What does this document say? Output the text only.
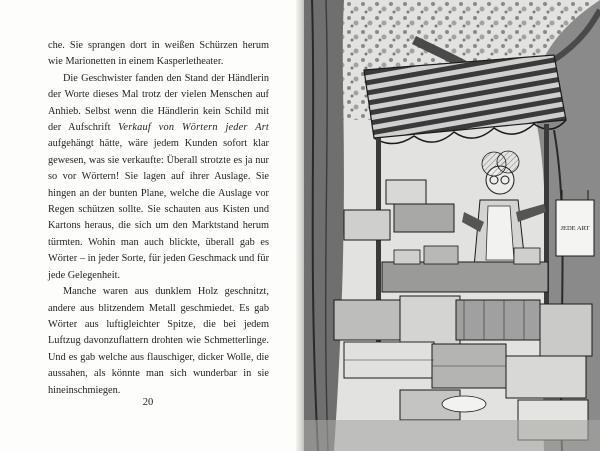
che. Sie sprangen dort in weißen Schürzen herum wie Marionetten in einem Kasperletheater.

Die Geschwister fanden den Stand der Händlerin der Worte dieses Mal trotz der vielen Menschen auf Anhieb. Selbst wenn die Händlerin kein Schild mit der Aufschrift Verkauf von Wörtern jeder Art aufgehängt hätte, wäre jedem Kunden sofort klar gewesen, was sie verkaufte: Überall strotzte es ja nur so vor Wörtern! Sie lagen auf ihrer Auslage. Sie hingen an der bunten Plane, welche die Auslage vor Regen schützen sollte. Sie schauten aus Kisten und Kartons heraus, die sich um den Marktstand herum türmten. Wohin man auch blickte, überall gab es Wörter – in jeder Sorte, für jeden Geschmack und für jede Gelegenheit.

Manche waren aus dunklem Holz geschnitzt, andere aus blitzendem Metall geschmiedet. Es gab Wörter aus luftigleichter Spitze, die bei jedem Luftzug davonzuflattern drohten wie Schmetterlinge. Und es gab welche aus flauschiger, dicker Wolle, die aussahen, als könnte man sich wunderbar in sie hineinschmiegen.

20
JEDE ART
